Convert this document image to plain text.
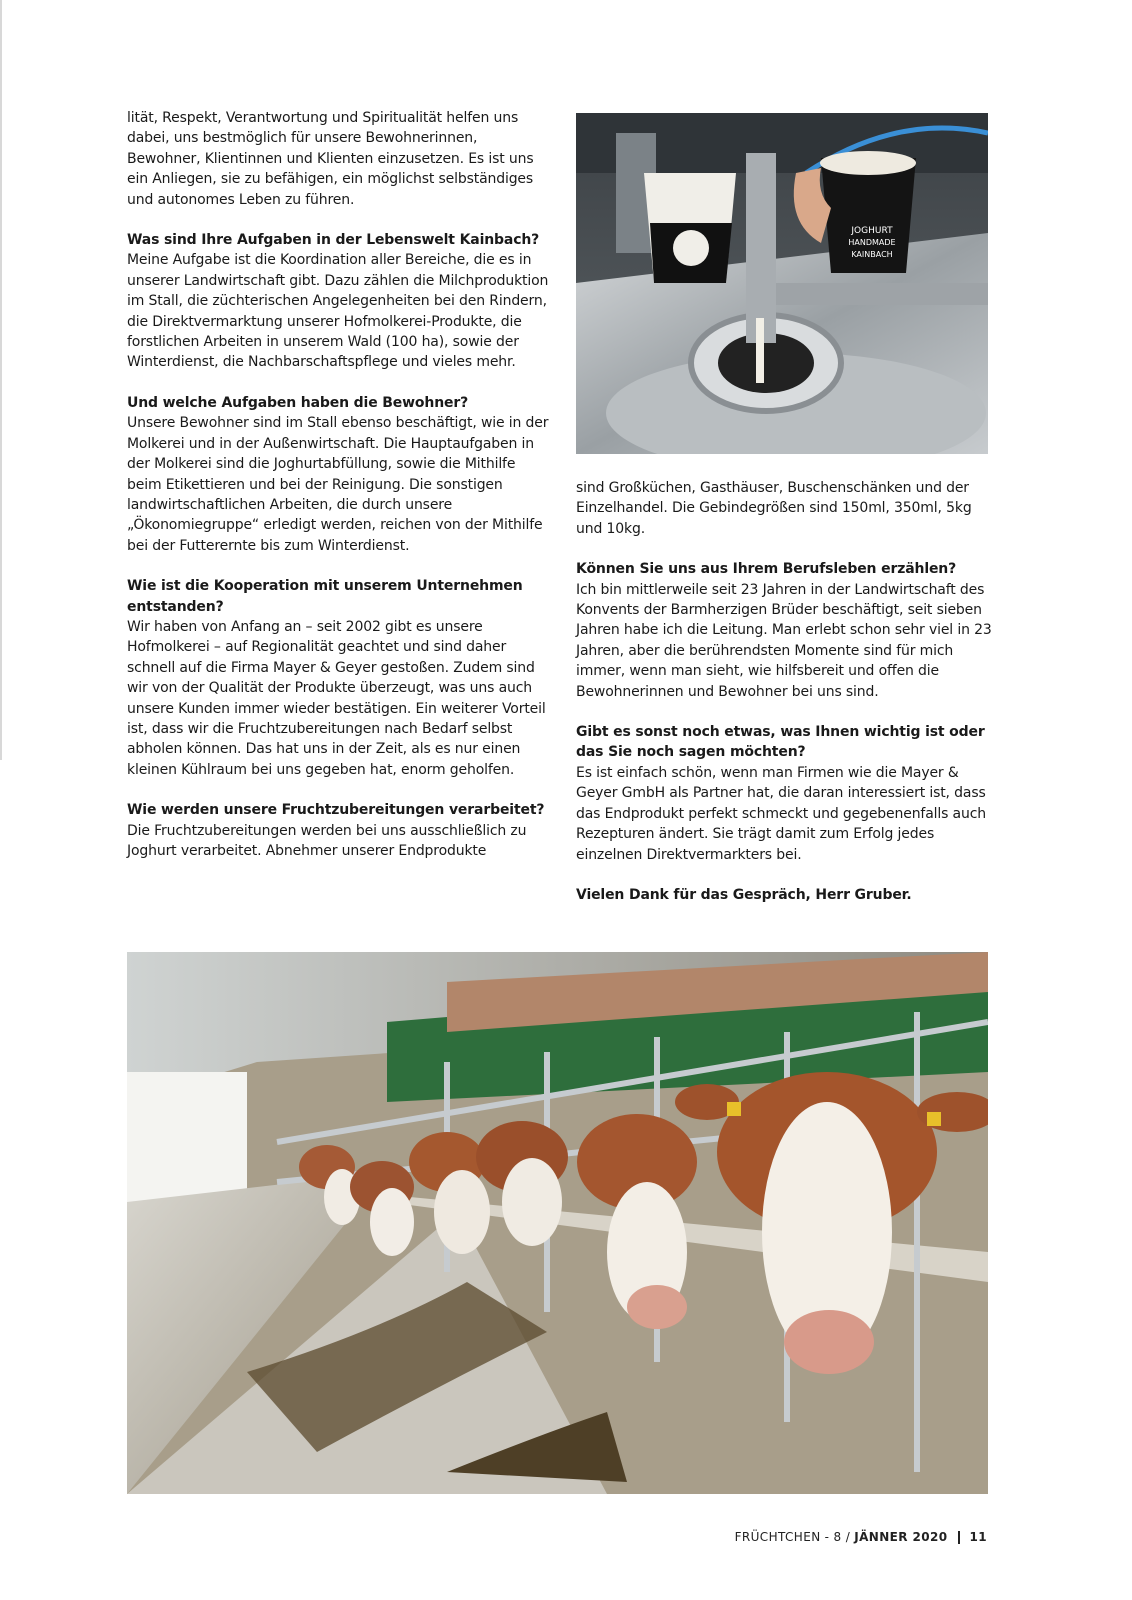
lität, Respekt, Verantwortung und Spiritualität helfen uns dabei, uns bestmöglich für unsere Bewohnerinnen, Bewohner, Klientinnen und Klienten einzusetzen. Es ist uns ein Anliegen, sie zu befähigen, ein möglichst selbständiges und autonomes Leben zu führen.

Was sind Ihre Aufgaben in der Lebenswelt Kainbach?

Meine Aufgabe ist die Koordination aller Bereiche, die es in unserer Landwirtschaft gibt. Dazu zählen die Milchproduktion im Stall, die züchterischen Angelegenheiten bei den Rindern, die Direktvermarktung unserer Hofmolkerei-Produkte, die forstlichen Arbeiten in unserem Wald (100 ha), sowie der Winterdienst, die Nachbarschaftspflege und vieles mehr.

Und welche Aufgaben haben die Bewohner?

Unsere Bewohner sind im Stall ebenso beschäftigt, wie in der Molkerei und in der Außenwirtschaft. Die Hauptaufgaben in der Molkerei sind die Joghurtabfüllung, sowie die Mithilfe beim Etikettieren und bei der Reinigung. Die sonstigen landwirtschaftlichen Arbeiten, die durch unsere „Ökonomiegruppe“ erledigt werden, reichen von der Mithilfe bei der Futterernte bis zum Winterdienst.

Wie ist die Kooperation mit unserem Unternehmen entstanden?

Wir haben von Anfang an – seit 2002 gibt es unsere Hofmolkerei – auf Regionalität geachtet und sind daher schnell auf die Firma Mayer & Geyer gestoßen. Zudem sind wir von der Qualität der Produkte überzeugt, was uns auch unsere Kunden immer wieder bestätigen. Ein weiterer Vorteil ist, dass wir die Fruchtzubereitungen nach Bedarf selbst abholen können. Das hat uns in der Zeit, als es nur einen kleinen Kühlraum bei uns gegeben hat, enorm geholfen.

Wie werden unsere Fruchtzubereitungen verarbeitet?

Die Fruchtzubereitungen werden bei uns ausschließlich zu Joghurt verarbeitet. Abnehmer unserer Endprodukte

JOGHURT
HANDMADE
KAINBACH

sind Großküchen, Gasthäuser, Buschenschänken und der Einzelhandel. Die Gebindegrößen sind 150ml, 350ml, 5kg und 10kg.

Können Sie uns aus Ihrem Berufsleben erzählen?

Ich bin mittlerweile seit 23 Jahren in der Landwirtschaft des Konvents der Barmherzigen Brüder beschäftigt, seit sieben Jahren habe ich die Leitung. Man erlebt schon sehr viel in 23 Jahren, aber die berührendsten Momente sind für mich immer, wenn man sieht, wie hilfsbereit und offen die Bewohnerinnen und Bewohner bei uns sind.

Gibt es sonst noch etwas, was Ihnen wichtig ist oder das Sie noch sagen möchten?

Es ist einfach schön, wenn man Firmen wie die Mayer & Geyer GmbH als Partner hat, die daran interessiert ist, dass das Endprodukt perfekt schmeckt und gegebenenfalls auch Rezepturen ändert. Sie trägt damit zum Erfolg jedes einzelnen Direktvermarkters bei.

Vielen Dank für das Gespräch, Herr Gruber.
FRÜCHTCHEN - 8 / JÄNNER 2020 11
